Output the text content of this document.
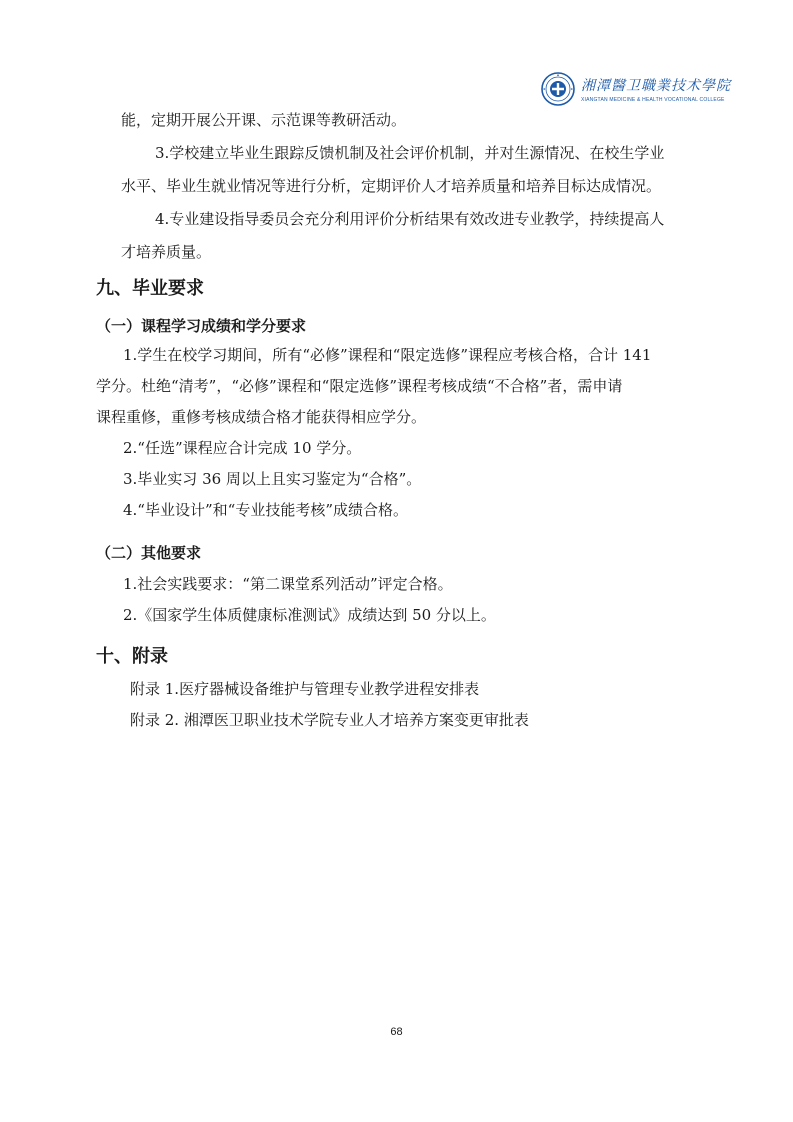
湘潭醫卫職業技术學院
XIANGTAN MEDICINE & HEALTH VOCATIONAL COLLEGE
能，定期开展公开课、示范课等教研活动。
3.学校建立毕业生跟踪反馈机制及社会评价机制，并对生源情况、在校生学业
水平、毕业生就业情况等进行分析，定期评价人才培养质量和培养目标达成情况。
4.专业建设指导委员会充分利用评价分析结果有效改进专业教学，持续提高人
才培养质量。
九、毕业要求
（一）课程学习成绩和学分要求
1.学生在校学习期间，所有“必修”课程和“限定选修”课程应考核合格，合计 141
学分。杜绝“清考”，“必修”课程和“限定选修”课程考核成绩“不合格”者，需申请
课程重修，重修考核成绩合格才能获得相应学分。
2.“任选”课程应合计完成 10 学分。
3.毕业实习 36 周以上且实习鉴定为“合格”。
4.“毕业设计”和“专业技能考核”成绩合格。
（二）其他要求
1.社会实践要求：“第二课堂系列活动”评定合格。
2.《国家学生体质健康标准测试》成绩达到 50 分以上。
十、附录
附录 1.医疗器械设备维护与管理专业教学进程安排表
附录 2. 湘潭医卫职业技术学院专业人才培养方案变更审批表
68
